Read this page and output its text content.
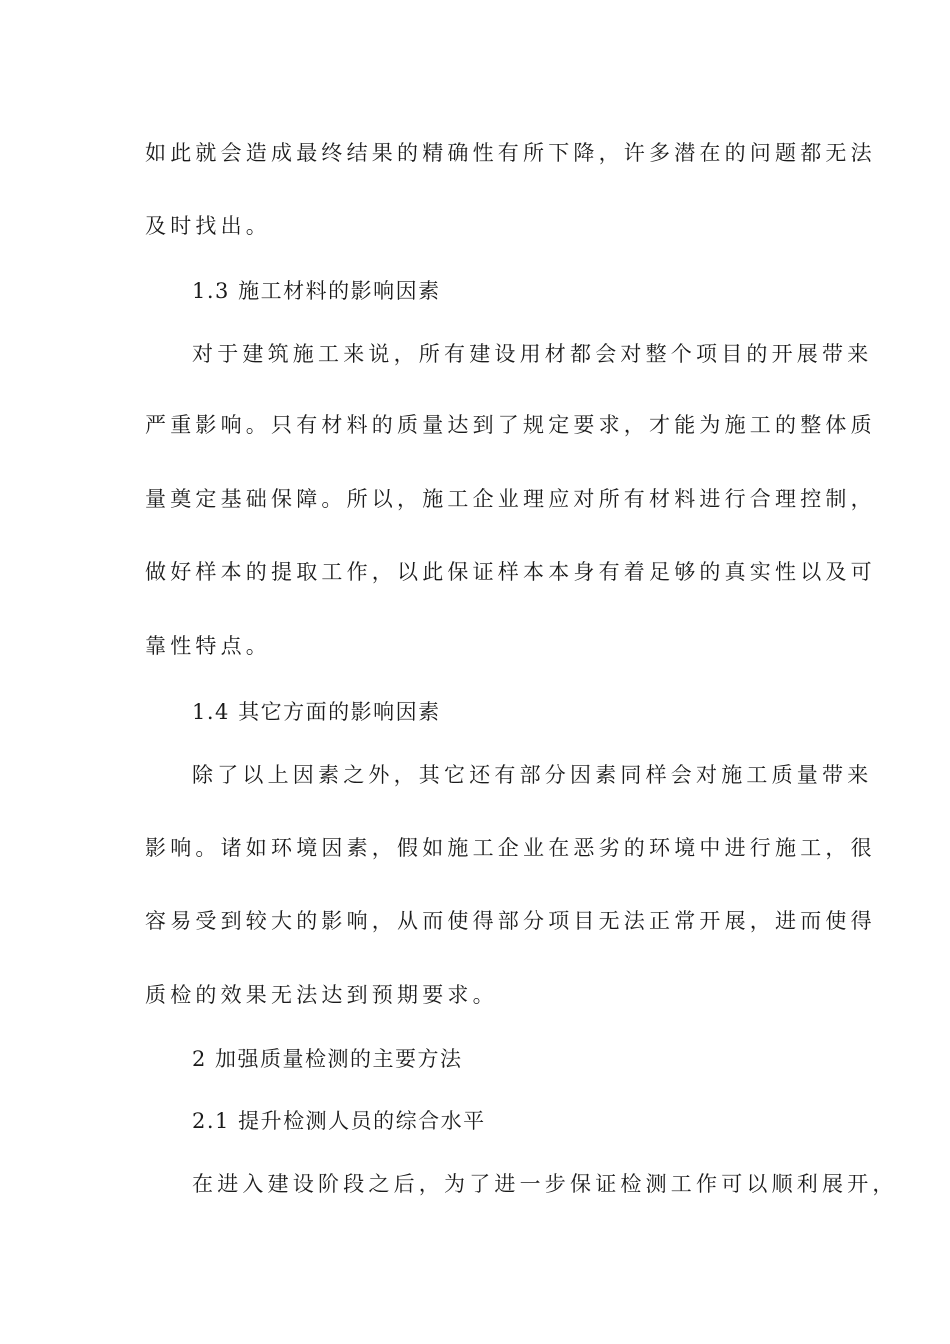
如此就会造成最终结果的精确性有所下降，许多潜在的问题都无法
及时找出。
1.3 施工材料的影响因素
对于建筑施工来说，所有建设用材都会对整个项目的开展带来
严重影响。只有材料的质量达到了规定要求，才能为施工的整体质
量奠定基础保障。所以，施工企业理应对所有材料进行合理控制，
做好样本的提取工作，以此保证样本本身有着足够的真实性以及可
靠性特点。
1.4 其它方面的影响因素
除了以上因素之外，其它还有部分因素同样会对施工质量带来
影响。诸如环境因素，假如施工企业在恶劣的环境中进行施工，很
容易受到较大的影响，从而使得部分项目无法正常开展，进而使得
质检的效果无法达到预期要求。
2 加强质量检测的主要方法
2.1 提升检测人员的综合水平
在进入建设阶段之后，为了进一步保证检测工作可以顺利展开，
